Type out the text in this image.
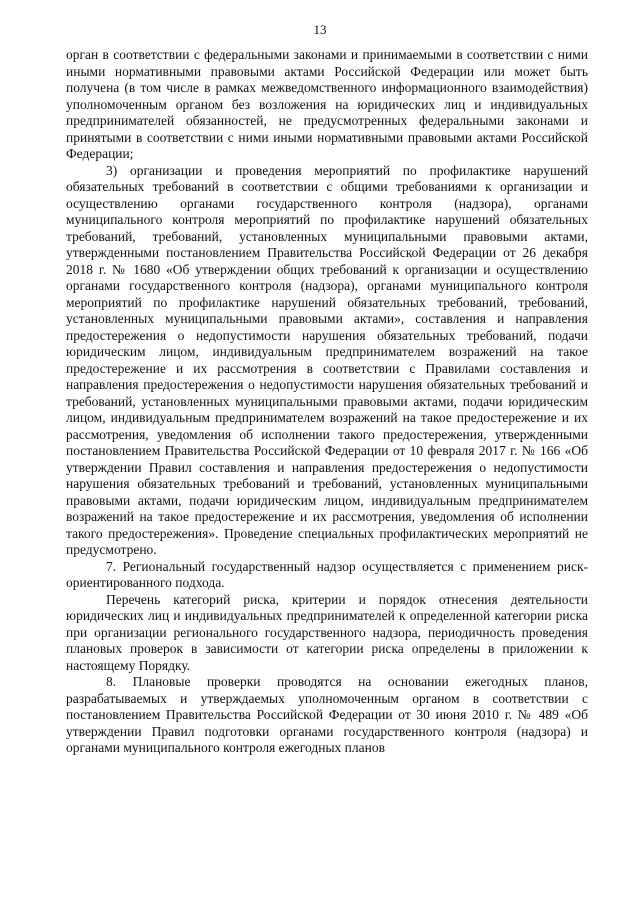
13

орган в соответствии с федеральными законами и принимаемыми в соответствии с ними иными нормативными правовыми актами Российской Федерации или может быть получена (в том числе в рамках межведомственного информационного взаимодействия) уполномоченным органом без возложения на юридических лиц и индивидуальных предпринимателей обязанностей, не предусмотренных федеральными законами и принятыми в соответствии с ними иными нормативными правовыми актами Российской Федерации;

3) организации и проведения мероприятий по профилактике нарушений обязательных требований в соответствии с общими требованиями к организации и осуществлению органами государственного контроля (надзора), органами муниципального контроля мероприятий по профилактике нарушений обязательных требований, требований, установленных муниципальными правовыми актами, утвержденными постановлением Правительства Российской Федерации от 26 декабря 2018 г. № 1680 «Об утверждении общих требований к организации и осуществлению органами государственного контроля (надзора), органами муниципального контроля мероприятий по профилактике нарушений обязательных требований, требований, установленных муниципальными правовыми актами», составления и направления предостережения о недопустимости нарушения обязательных требований, подачи юридическим лицом, индивидуальным предпринимателем возражений на такое предостережение и их рассмотрения в соответствии с Правилами составления и направления предостережения о недопустимости нарушения обязательных требований и требований, установленных муниципальными правовыми актами, подачи юридическим лицом, индивидуальным предпринимателем возражений на такое предостережение и их рассмотрения, уведомления об исполнении такого предостережения, утвержденными постановлением Правительства Российской Федерации от 10 февраля 2017 г. № 166 «Об утверждении Правил составления и направления предостережения о недопустимости нарушения обязательных требований и требований, установленных муниципальными правовыми актами, подачи юридическим лицом, индивидуальным предпринимателем возражений на такое предостережение и их рассмотрения, уведомления об исполнении такого предостережения». Проведение специальных профилактических мероприятий не предусмотрено.

7. Региональный государственный надзор осуществляется с применением риск-ориентированного подхода.

Перечень категорий риска, критерии и порядок отнесения деятельности юридических лиц и индивидуальных предпринимателей к определенной категории риска при организации регионального государственного надзора, периодичность проведения плановых проверок в зависимости от категории риска определены в приложении к настоящему Порядку.

8. Плановые проверки проводятся на основании ежегодных планов, разрабатываемых и утверждаемых уполномоченным органом в соответствии с постановлением Правительства Российской Федерации от 30 июня 2010 г. № 489 «Об утверждении Правил подготовки органами государственного контроля (надзора) и органами муниципального контроля ежегодных планов
